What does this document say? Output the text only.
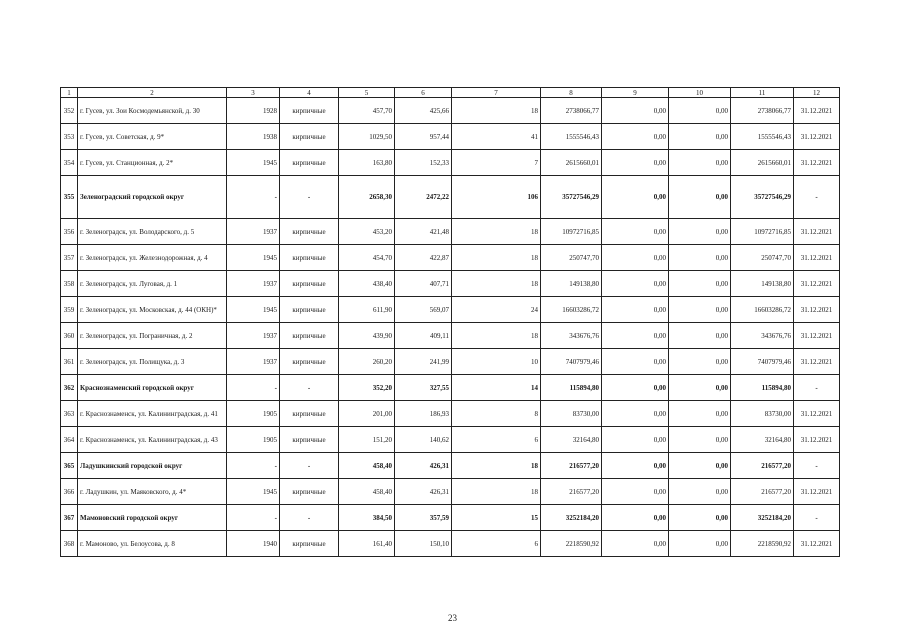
1	2	3	4	5	6	7	8	9	10	11	12
352	г. Гусев, ул. Зои Космодемьянской, д. 30	1928	кирпичные	457,70	425,66	18	2738066,77	0,00	0,00	2738066,77	31.12.2021
353	г. Гусев, ул. Советская, д. 9*	1938	кирпичные	1029,50	957,44	41	1555546,43	0,00	0,00	1555546,43	31.12.2021
354	г. Гусев, ул. Станционная, д. 2*	1945	кирпичные	163,80	152,33	7	2615660,01	0,00	0,00	2615660,01	31.12.2021
355	Зеленоградский городской округ	-	-	2658,30	2472,22	106	35727546,29	0,00	0,00	35727546,29	-
356	г. Зеленоградск, ул. Володарского, д. 5	1937	кирпичные	453,20	421,48	18	10972716,85	0,00	0,00	10972716,85	31.12.2021
357	г. Зеленоградск, ул. Железнодорожная, д. 4	1945	кирпичные	454,70	422,87	18	250747,70	0,00	0,00	250747,70	31.12.2021
358	г. Зеленоградск, ул. Луговая, д. 1	1937	кирпичные	438,40	407,71	18	149138,80	0,00	0,00	149138,80	31.12.2021
359	г. Зеленоградск, ул. Московская, д. 44 (ОКН)*	1945	кирпичные	611,90	569,07	24	16603286,72	0,00	0,00	16603286,72	31.12.2021
360	г. Зеленоградск, ул. Пограничная, д. 2	1937	кирпичные	439,90	409,11	18	343676,76	0,00	0,00	343676,76	31.12.2021
361	г. Зеленоградск, ул. Полищука, д. 3	1937	кирпичные	260,20	241,99	10	7407979,46	0,00	0,00	7407979,46	31.12.2021
362	Краснознаменский городской округ	-	-	352,20	327,55	14	115894,80	0,00	0,00	115894,80	-
363	г. Краснознаменск, ул. Калининградская, д. 41	1905	кирпичные	201,00	186,93	8	83730,00	0,00	0,00	83730,00	31.12.2021
364	г. Краснознаменск, ул. Калининградская, д. 43	1905	кирпичные	151,20	140,62	6	32164,80	0,00	0,00	32164,80	31.12.2021
365	Ладушкинский городской округ	-	-	458,40	426,31	18	216577,20	0,00	0,00	216577,20	-
366	г. Ладушкин, ул. Маяковского, д. 4*	1945	кирпичные	458,40	426,31	18	216577,20	0,00	0,00	216577,20	31.12.2021
367	Мамоновский городской округ	-	-	384,50	357,59	15	3252184,20	0,00	0,00	3252184,20	-
368	г. Мамоново, ул. Белоусова, д. 8	1940	кирпичные	161,40	150,10	6	2218590,92	0,00	0,00	2218590,92	31.12.2021
23
